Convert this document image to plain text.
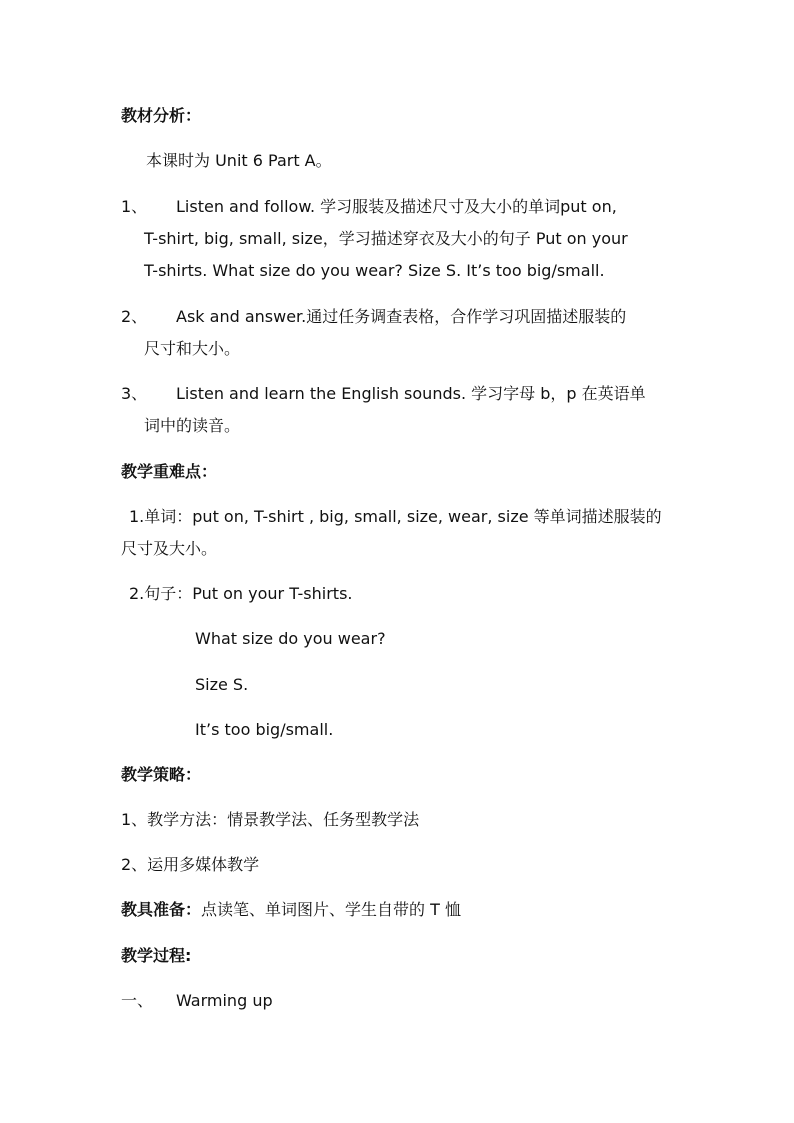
教材分析：
本课时为 Unit 6 Part A。
1、 Listen and follow. 学习服装及描述尺寸及大小的单词put on,
T-shirt, big, small, size，学习描述穿衣及大小的句子 Put on your
T-shirts. What size do you wear? Size S. It’s too big/small.
2、 Ask and answer.通过任务调查表格，合作学习巩固描述服装的
尺寸和大小。
3、 Listen and learn the English sounds. 学习字母 b，p 在英语单
词中的读音。
教学重难点：
1.单词：put on, T-shirt , big, small, size, wear, size 等单词描述服装的
尺寸及大小。
2.句子：Put on your T-shirts.
What size do you wear?
Size S.
It’s too big/small.
教学策略：
1、教学方法：情景教学法、任务型教学法
2、运用多媒体教学
教具准备：点读笔、单词图片、学生自带的 T 恤
教学过程:
一、 Warming up
